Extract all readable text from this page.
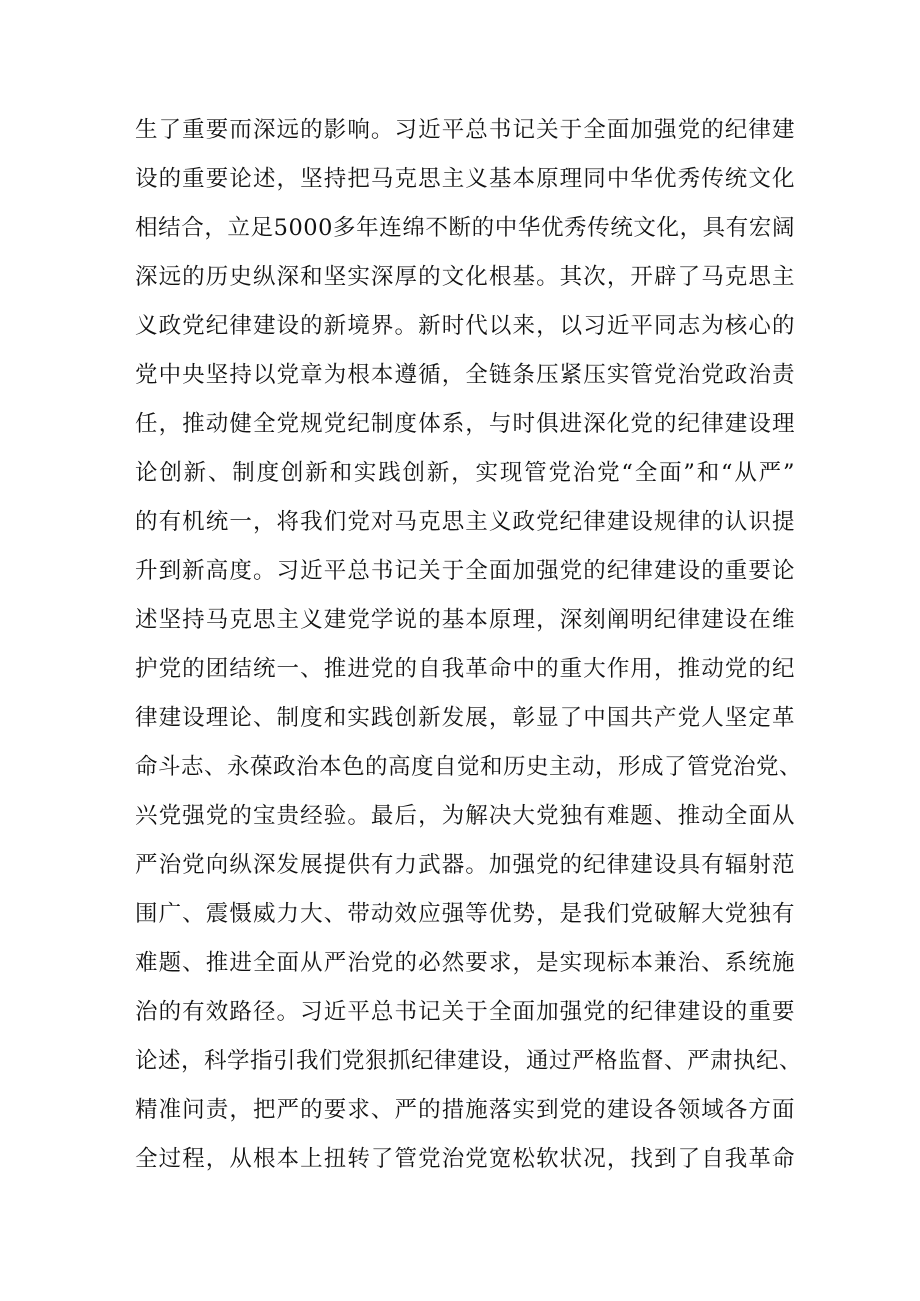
生了重要而深远的影响。习近平总书记关于全面加强党的纪律建
设的重要论述，坚持把马克思主义基本原理同中华优秀传统文化
相结合，立足5000多年连绵不断的中华优秀传统文化，具有宏阔
深远的历史纵深和坚实深厚的文化根基。其次，开辟了马克思主
义政党纪律建设的新境界。新时代以来，以习近平同志为核心的
党中央坚持以党章为根本遵循，全链条压紧压实管党治党政治责
任，推动健全党规党纪制度体系，与时俱进深化党的纪律建设理
论创新、制度创新和实践创新，实现管党治党“全面”和“从严”
的有机统一，将我们党对马克思主义政党纪律建设规律的认识提
升到新高度。习近平总书记关于全面加强党的纪律建设的重要论
述坚持马克思主义建党学说的基本原理，深刻阐明纪律建设在维
护党的团结统一、推进党的自我革命中的重大作用，推动党的纪
律建设理论、制度和实践创新发展，彰显了中国共产党人坚定革
命斗志、永葆政治本色的高度自觉和历史主动，形成了管党治党、
兴党强党的宝贵经验。最后，为解决大党独有难题、推动全面从
严治党向纵深发展提供有力武器。加强党的纪律建设具有辐射范
围广、震慑威力大、带动效应强等优势，是我们党破解大党独有
难题、推进全面从严治党的必然要求，是实现标本兼治、系统施
治的有效路径。习近平总书记关于全面加强党的纪律建设的重要
论述，科学指引我们党狠抓纪律建设，通过严格监督、严肃执纪、
精准问责，把严的要求、严的措施落实到党的建设各领域各方面
全过程，从根本上扭转了管党治党宽松软状况，找到了自我革命
